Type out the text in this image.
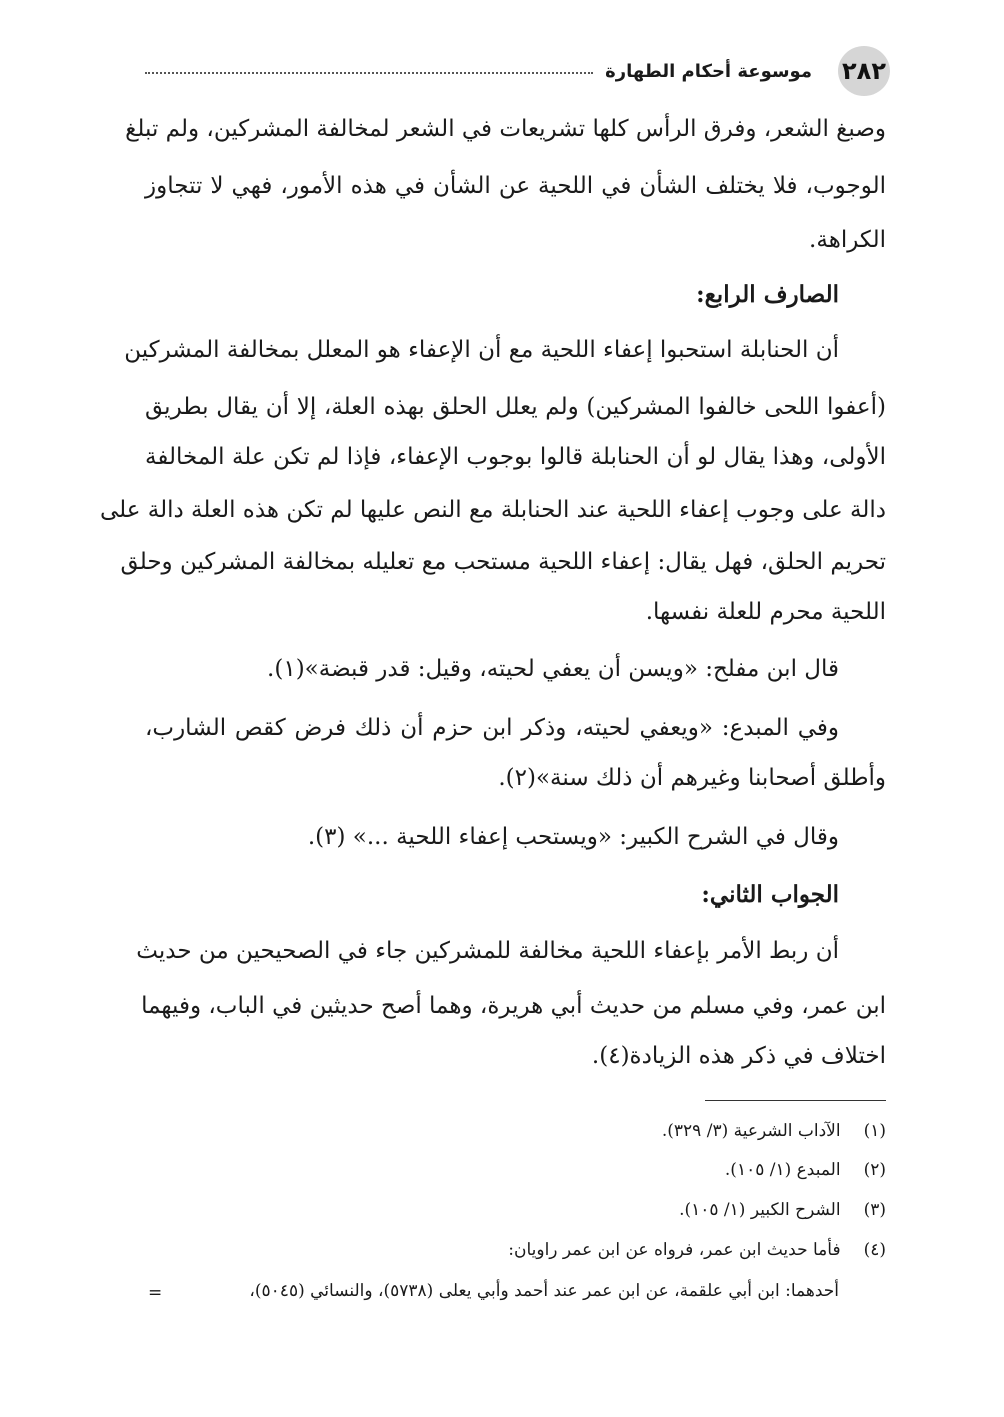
٢٨٢
موسوعة أحكام الطهارة
وصبغ الشعر، وفرق الرأس كلها تشريعات في الشعر لمخالفة المشركين، ولم تبلغ
الوجوب، فلا يختلف الشأن في اللحية عن الشأن في هذه الأمور، فهي لا تتجاوز
الكراهة.
الصارف الرابع:
أن الحنابلة استحبوا إعفاء اللحية مع أن الإعفاء هو المعلل بمخالفة المشركين
(أعفوا اللحى خالفوا المشركين) ولم يعلل الحلق بهذه العلة، إلا أن يقال بطريق
الأولى، وهذا يقال لو أن الحنابلة قالوا بوجوب الإعفاء، فإذا لم تكن علة المخالفة
دالة على وجوب إعفاء اللحية عند الحنابلة مع النص عليها لم تكن هذه العلة دالة على
تحريم الحلق، فهل يقال: إعفاء اللحية مستحب مع تعليله بمخالفة المشركين وحلق
اللحية محرم للعلة نفسها.
قال ابن مفلح: «ويسن أن يعفي لحيته، وقيل: قدر قبضة»(١).
وفي المبدع: «ويعفي لحيته، وذكر ابن حزم أن ذلك فرض كقص الشارب،
وأطلق أصحابنا وغيرهم أن ذلك سنة»(٢).
وقال في الشرح الكبير: «ويستحب إعفاء اللحية ...» (٣).
الجواب الثاني:
أن ربط الأمر بإعفاء اللحية مخالفة للمشركين جاء في الصحيحين من حديث
ابن عمر، وفي مسلم من حديث أبي هريرة، وهما أصح حديثين في الباب، وفيهما
اختلاف في ذكر هذه الزيادة(٤).
(١) الآداب الشرعية (٣/ ٣٢٩).
(٢) المبدع (١/ ١٠٥).
(٣) الشرح الكبير (١/ ١٠٥).
(٤) فأما حديث ابن عمر، فرواه عن ابن عمر راويان:
أحدهما: ابن أبي علقمة، عن ابن عمر عند أحمد وأبي يعلى (٥٧٣٨)، والنسائي (٥٠٤٥)،
=
